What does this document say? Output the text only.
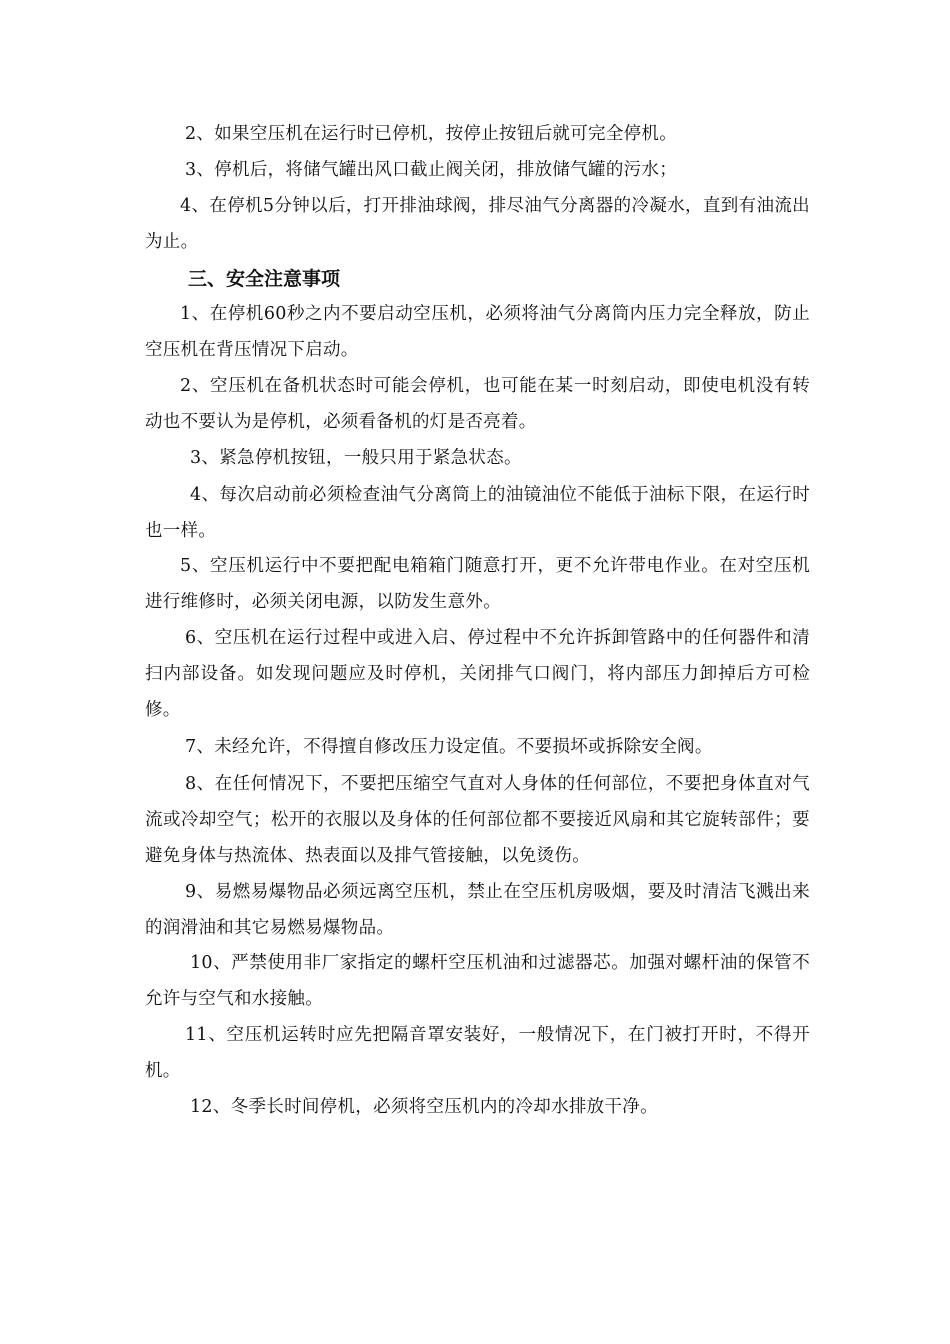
2、如果空压机在运行时已停机，按停止按钮后就可完全停机。
3、停机后，将储气罐出风口截止阀关闭，排放储气罐的污水；
4、在停机5分钟以后，打开排油球阀，排尽油气分离器的冷凝水，直到有油流出为止。
三、安全注意事项
1、在停机60秒之内不要启动空压机，必须将油气分离筒内压力完全释放，防止空压机在背压情况下启动。
2、空压机在备机状态时可能会停机，也可能在某一时刻启动，即使电机没有转动也不要认为是停机，必须看备机的灯是否亮着。
3、紧急停机按钮，一般只用于紧急状态。
4、每次启动前必须检查油气分离筒上的油镜油位不能低于油标下限，在运行时也一样。
5、空压机运行中不要把配电箱箱门随意打开，更不允许带电作业。在对空压机进行维修时，必须关闭电源，以防发生意外。
6、空压机在运行过程中或进入启、停过程中不允许拆卸管路中的任何器件和清扫内部设备。如发现问题应及时停机，关闭排气口阀门，将内部压力卸掉后方可检修。
7、未经允许，不得擅自修改压力设定值。不要损坏或拆除安全阀。
8、在任何情况下，不要把压缩空气直对人身体的任何部位，不要把身体直对气流或冷却空气；松开的衣服以及身体的任何部位都不要接近风扇和其它旋转部件；要避免身体与热流体、热表面以及排气管接触，以免烫伤。
9、易燃易爆物品必须远离空压机，禁止在空压机房吸烟，要及时清洁飞溅出来的润滑油和其它易燃易爆物品。
10、严禁使用非厂家指定的螺杆空压机油和过滤器芯。加强对螺杆油的保管不允许与空气和水接触。
11、空压机运转时应先把隔音罩安装好，一般情况下，在门被打开时，不得开机。
12、冬季长时间停机，必须将空压机内的冷却水排放干净。
